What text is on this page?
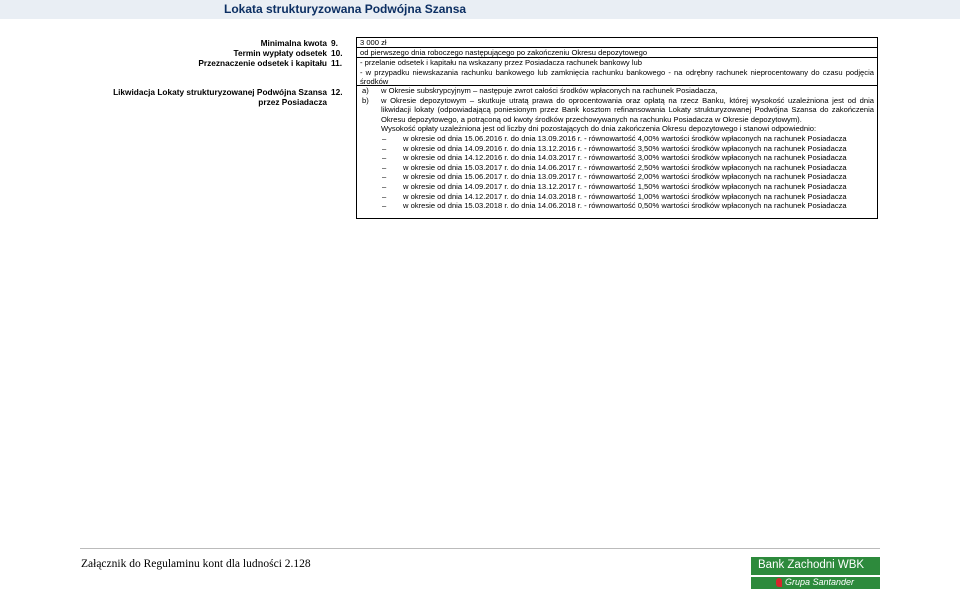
Lokata strukturyzowana Podwójna Szansa
Minimalna kwota 9.	3 000 zł
Termin wypłaty odsetek 10. od pierwszego dnia roboczego następującego po zakończeniu Okresu depozytowego
Przeznaczenie odsetek i kapitału 11. - przelanie odsetek i kapitału na wskazany przez Posiadacza rachunek bankowy lub
- w przypadku niewskazania rachunku bankowego lub zamknięcia rachunku bankowego - na odrębny rachunek nieprocentowany do czasu podjęcia środków
Likwidacja Lokaty strukturyzowanej Podwójna Szansa
przez Posiadacza
12.	a)	w Okresie subskrypcyjnym – następuje zwrot całości środków wpłaconych na rachunek Posiadacza,
b)	w Okresie depozytowym – skutkuje utratą prawa do oprocentowania oraz opłatą na rzecz Banku, której wysokość uzależniona jest od dnia likwidacji lokaty (odpowiadającą poniesionym przez Bank kosztom refinansowania Lokaty strukturyzowanej Podwójna Szansa do zakończenia Okresu depozytowego, a potrąconą od kwoty środków przechowywanych na rachunku Posiadacza w Okresie depozytowym).
Wysokość opłaty uzależniona jest od liczby dni pozostających do dnia zakończenia Okresu depozytowego i stanowi odpowiednio:
–	w okresie od dnia 15.06.2016 r. do dnia 13.09.2016 r. - równowartość 4,00% wartości środków wpłaconych na rachunek Posiadacza
–	w okresie od dnia 14.09.2016 r. do dnia 13.12.2016 r. - równowartość 3,50% wartości środków wpłaconych na rachunek Posiadacza
–	w okresie od dnia 14.12.2016 r. do dnia 14.03.2017 r. - równowartość 3,00% wartości środków wpłaconych na rachunek Posiadacza
–	w okresie od dnia 15.03.2017 r. do dnia 14.06.2017 r. - równowartość 2,50% wartości środków wpłaconych na rachunek Posiadacza
–	w okresie od dnia 15.06.2017 r. do dnia 13.09.2017 r. - równowartość 2,00% wartości środków wpłaconych na rachunek Posiadacza
–	w okresie od dnia 14.09.2017 r. do dnia 13.12.2017 r. - równowartość 1,50% wartości środków wpłaconych na rachunek Posiadacza
–	w okresie od dnia 14.12.2017 r. do dnia 14.03.2018 r. - równowartość 1,00% wartości środków wpłaconych na rachunek Posiadacza
–	w okresie od dnia 15.03.2018 r. do dnia 14.06.2018 r. - równowartość 0,50% wartości środków wpłaconych na rachunek Posiadacza
Załącznik do Regulaminu kont dla ludności 2.128	Bank Zachodni WBK
Grupa Santander
